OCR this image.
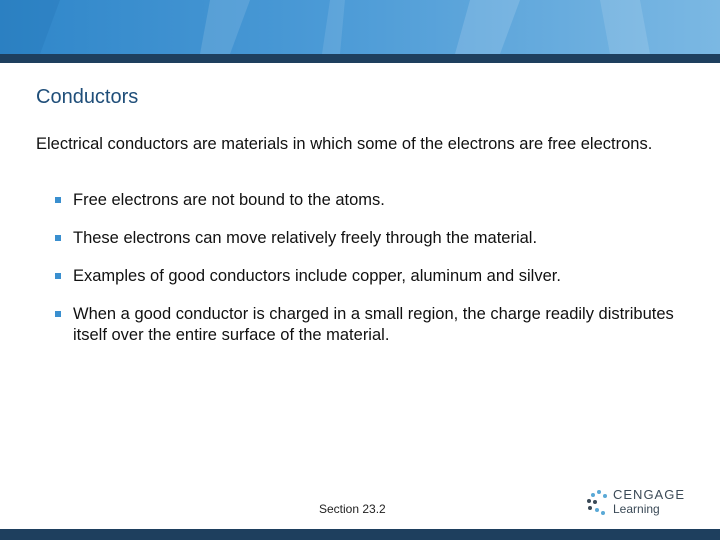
Conductors

Electrical conductors are materials in which some of the electrons are free electrons.

Free electrons are not bound to the atoms.
These electrons can move relatively freely through the material.
Examples of good conductors include copper, aluminum and silver.
When a good conductor is charged in a small region, the charge readily distributes itself over the entire surface of the material.
Section 23.2
CENGAGE
Learning
